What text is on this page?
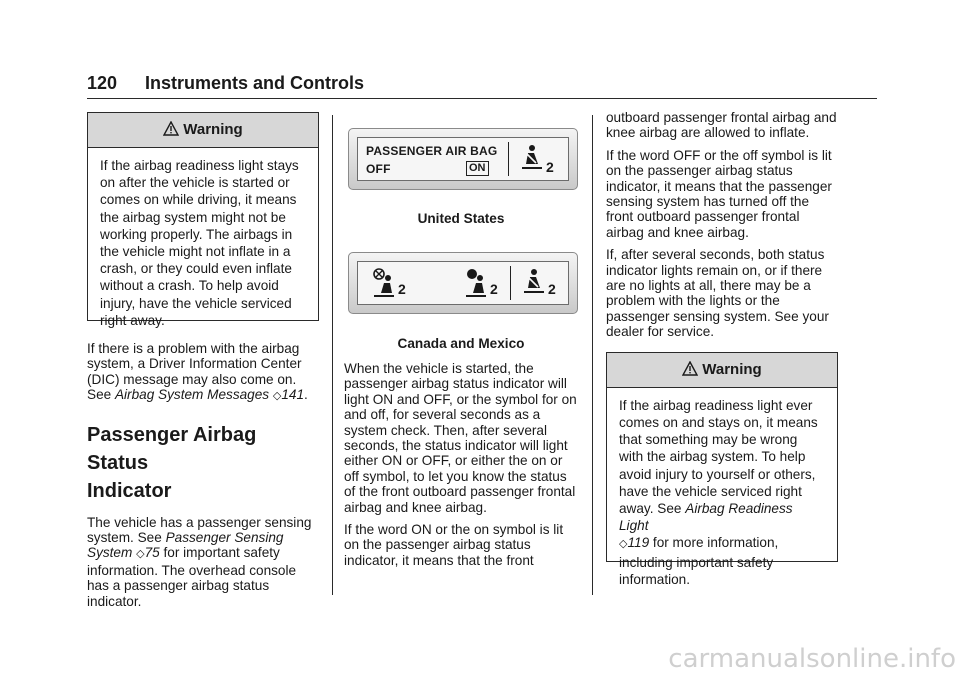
120 Instruments and Controls
Warning

If the airbag readiness light stays

on after the vehicle is started or

comes on while driving, it means

the airbag system might not be

working properly. The airbags in

the vehicle might not inflate in a

crash, or they could even inflate

without a crash. To help avoid

injury, have the vehicle serviced

right away.

If there is a problem with the airbag system, a Driver Information Center (DIC) message may also come on. See Airbag System Messages ◇141.

Passenger Airbag Status
Indicator

The vehicle has a passenger sensing system. See Passenger Sensing System ◇75 for important safety information. The overhead console has a passenger airbag status indicator.

PASSENGER AIR BAG
OFF	ON	2
United States
2	2	2
Canada and Mexico

When the vehicle is started, the passenger airbag status indicator will light ON and OFF, or the symbol for on and off, for several seconds as a system check. Then, after several seconds, the status indicator will light either ON or OFF, or either the on or off symbol, to let you know the status of the front outboard passenger frontal airbag and knee airbag.

If the word ON or the on symbol is lit on the passenger airbag status indicator, it means that the front

outboard passenger frontal airbag and knee airbag are allowed to inflate.

If the word OFF or the off symbol is lit on the passenger airbag status indicator, it means that the passenger sensing system has turned off the front outboard passenger frontal airbag and knee airbag.

If, after several seconds, both status indicator lights remain on, or if there are no lights at all, there may be a problem with the lights or the passenger sensing system. See your dealer for service.

Warning

If the airbag readiness light ever

comes on and stays on, it means

that something may be wrong

with the airbag system. To help

avoid injury to yourself or others,

have the vehicle serviced right

away. See Airbag Readiness Light

◇119 for more information,

including important safety

information.

carmanualsonline.info
